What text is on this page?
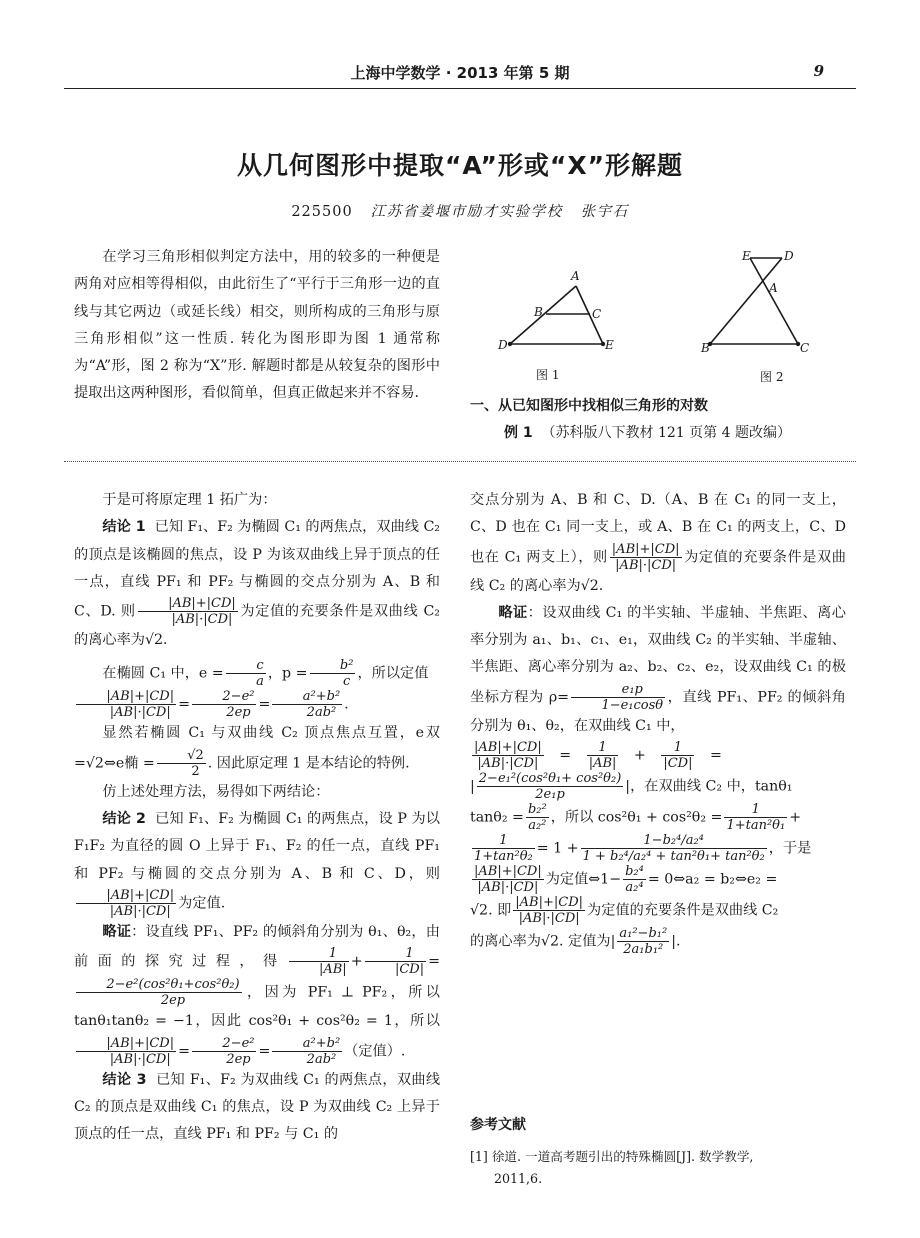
上海中学数学 · 2013 年第 5 期	9
从几何图形中提取“A”形或“X”形解题
225500 江苏省姜堰市励才实验学校 张宇石
在学习三角形相似判定方法中，用的较多的一种便是两角对应相等得相似，由此衍生了“平行于三角形一边的直线与其它两边（或延长线）相交，则所构成的三角形与原三角形相似”这一性质. 转化为图形即为图 1 通常称为“A”形，图 2 称为“X”形. 解题时都是从较复杂的图形中提取出这两种图形，看似简单，但真正做起来并不容易.
A
B	C
D	E
A
B	C
D
E
图 1	图 2
一、从已知图形中找相似三角形的对数
例 1 （苏科版八下教材 121 页第 4 题改编）

于是可将原定理 1 拓广为：

结论 1 已知 F₁、F₂ 为椭圆 C₁ 的两焦点，双曲线 C₂ 的顶点是该椭圆的焦点，设 P 为该双曲线上异于顶点的任一点，直线 PF₁ 和 PF₂ 与椭圆的交点分别为 A、B 和 C、D. 则 $\frac{|AB|+|CD|}{|AB|\cdot|CD|}$ 为定值的充要条件是双曲线 C₂ 的离心率为√2.

在椭圆 C₁ 中，$e = \frac{c}{a}$ ，$p = \frac{\text{b²}}{c}$ ，所以定值

$\frac{|AB|+|CD|}{|AB|\cdot|CD|} = \frac{\text{2−e²}}{2ep} = \frac{\text{a²+b²}}{\text{2ab²}}$ .

显然若椭圆 C₁ 与双曲线 C₂ 顶点焦点互置，e双 =√2⇔e椭 = $\frac{√2}{2}$ . 因此原定理 1 是本结论的特例.

仿上述处理方法，易得如下两结论：

结论 2 已知 F₁、F₂ 为椭圆 C₁ 的两焦点，设 P 为以 F₁F₂ 为直径的圆 O 上异于 F₁、F₂ 的任一点，直线 PF₁ 和 PF₂ 与椭圆的交点分别为 A、B 和 C、D，则
$\frac{|AB|+|CD|}{|AB|\cdot|CD|}$ 为定值.

略证：设直线 PF₁、PF₂ 的倾斜角分别为 θ₁、θ₂，由前面的探究过程，得 $\frac{1}{|AB|} + \frac{1}{|CD|}$ =
$\frac{\text{2−e²(cos²θ₁+cos²θ₂)}}{2ep}$ ，因为 PF₁ ⊥ PF₂，所以 tanθ₁tanθ₂ = −1，因此 cos²θ₁ + cos²θ₂ = 1，所以
$\frac{|AB|+|CD|}{|AB|\cdot|CD|} = \frac{\text{2−e²}}{2ep} = \frac{\text{a²+b²}}{\text{2ab²}}$ （定值）.

结论 3 已知 F₁、F₂ 为双曲线 C₁ 的两焦点，双曲线 C₂ 的顶点是双曲线 C₁ 的焦点，设 P 为双曲线 C₂ 上异于顶点的任一点，直线 PF₁ 和 PF₂ 与 C₁ 的

交点分别为 A、B 和 C、D.（A、B 在 C₁ 的同一支上，C、D 也在 C₁ 同一支上，或 A、B 在 C₁ 的两支上，C、D 也在 C₁ 两支上），则 $\frac{|AB|+|CD|}{|AB|\cdot|CD|}$ 为定值的充要条件是双曲线 C₂ 的离心率为√2.

略证：设双曲线 C₁ 的半实轴、半虚轴、半焦距、离心率分别为 a₁、b₁、c₁、e₁，双曲线 C₂ 的半实轴、半虚轴、半焦距、离心率分别为 a₂、b₂、c₂、e₂，设双曲线 C₁ 的极坐标方程为 $\rho= \frac{\text{e₁p}}{\text{1−e₁cosθ}}$ ，直线 PF₁、PF₂ 的倾斜角分别为 θ₁、θ₂，在双曲线 C₁ 中，

$\frac{|AB|+|CD|}{|AB|\cdot|CD|} = \frac{1}{|AB|} + \frac{1}{|CD|}$ =

| $\frac{\text{2−e₁²(cos²θ₁+ cos²θ₂)}}{\text{2e₁p}}$ |，在双曲线 C₂ 中，tanθ₁

$\tan\theta_2 = \frac{\text{b₂²}}{\text{a₂²}}$ ，所以 $\cos^2\theta_1 + \cos^2\theta_2 = \frac{1}{\text{1+tan²θ₁}}$ +

$\frac{1}{\text{1+tan²θ₂}} = 1 + \frac{\text{1−b₂⁴/a₂⁴}}{\text{1 + b₂⁴/a₂⁴ + tan²θ₁+ tan²θ₂}}$ ，于是

$\frac{|AB|+|CD|}{|AB|\cdot|CD|}$ 为定值⇔1− $\frac{\text{b₂⁴}}{\text{a₂⁴}}$ = 0⇔a₂ = b₂⇔e₂ =

√2. 即 $\frac{|AB|+|CD|}{|AB|\cdot|CD|}$ 为定值的充要条件是双曲线 C₂

的离心率为√2. 定值为| $\frac{\text{a₁²−b₁²}}{\text{2a₁b₁²}}$ |.

参考文献
[1] 徐道. 一道高考题引出的特殊椭圆[J]. 数学教学,
2011,6.
